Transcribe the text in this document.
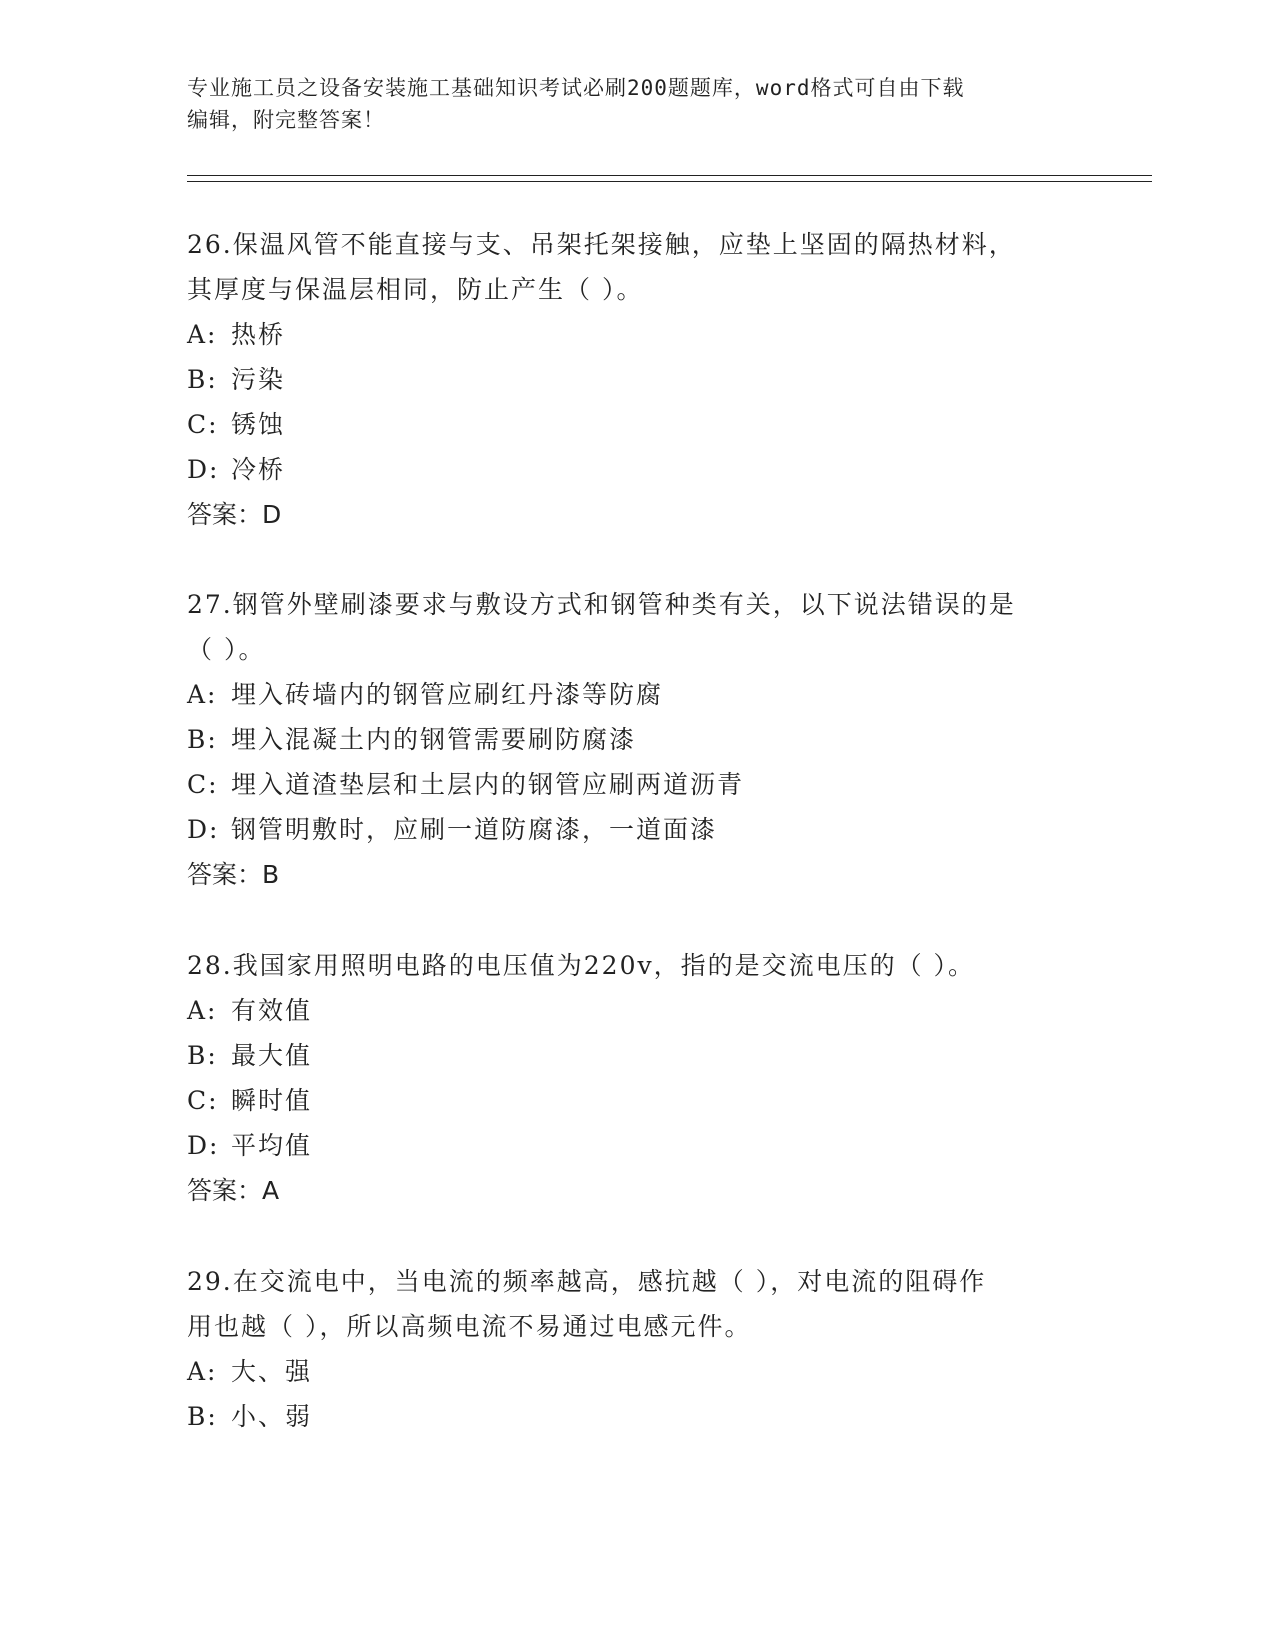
专业施工员之设备安装施工基础知识考试必刷200题题库，word格式可自由下载
编辑，附完整答案！

26.保温风管不能直接与支、吊架托架接触，应垫上坚固的隔热材料，

其厚度与保温层相同，防止产生（ ）。

A: 热桥

B: 污染

C: 锈蚀

D: 冷桥

答案：D

27.钢管外壁刷漆要求与敷设方式和钢管种类有关，以下说法错误的是

（ ）。

A: 埋入砖墙内的钢管应刷红丹漆等防腐

B: 埋入混凝土内的钢管需要刷防腐漆

C: 埋入道渣垫层和土层内的钢管应刷两道沥青

D: 钢管明敷时，应刷一道防腐漆，一道面漆

答案：B

28.我国家用照明电路的电压值为220v，指的是交流电压的（ ）。

A: 有效值

B: 最大值

C: 瞬时值

D: 平均值

答案：A

29.在交流电中，当电流的频率越高，感抗越（ ），对电流的阻碍作

用也越（ ），所以高频电流不易通过电感元件。

A: 大、强

B: 小、弱
